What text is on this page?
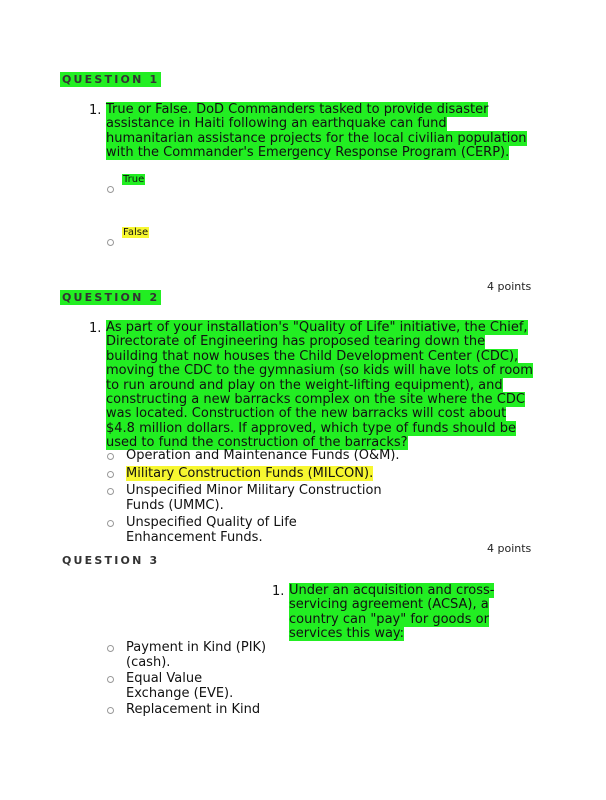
QUESTION 1
1. True or False. DoD Commanders tasked to provide disaster assistance in Haiti following an earthquake can fund humanitarian assistance projects for the local civilian population with the Commander's Emergency Response Program (CERP).
True
False
4 points
QUESTION 2
1. As part of your installation's "Quality of Life" initiative, the Chief, Directorate of Engineering has proposed tearing down the building that now houses the Child Development Center (CDC), moving the CDC to the gymnasium (so kids will have lots of room to run around and play on the weight-lifting equipment), and constructing a new barracks complex on the site where the CDC was located. Construction of the new barracks will cost about $4.8 million dollars. If approved, which type of funds should be used to fund the construction of the barracks?
Operation and Maintenance Funds (O&M).
Military Construction Funds (MILCON).
Unspecified Minor Military Construction Funds (UMMC).
Unspecified Quality of Life Enhancement Funds.
4 points
QUESTION 3
1. Under an acquisition and cross-servicing agreement (ACSA), a country can "pay" for goods or services this way:
Payment in Kind (PIK) (cash).
Equal Value Exchange (EVE).
Replacement in Kind
